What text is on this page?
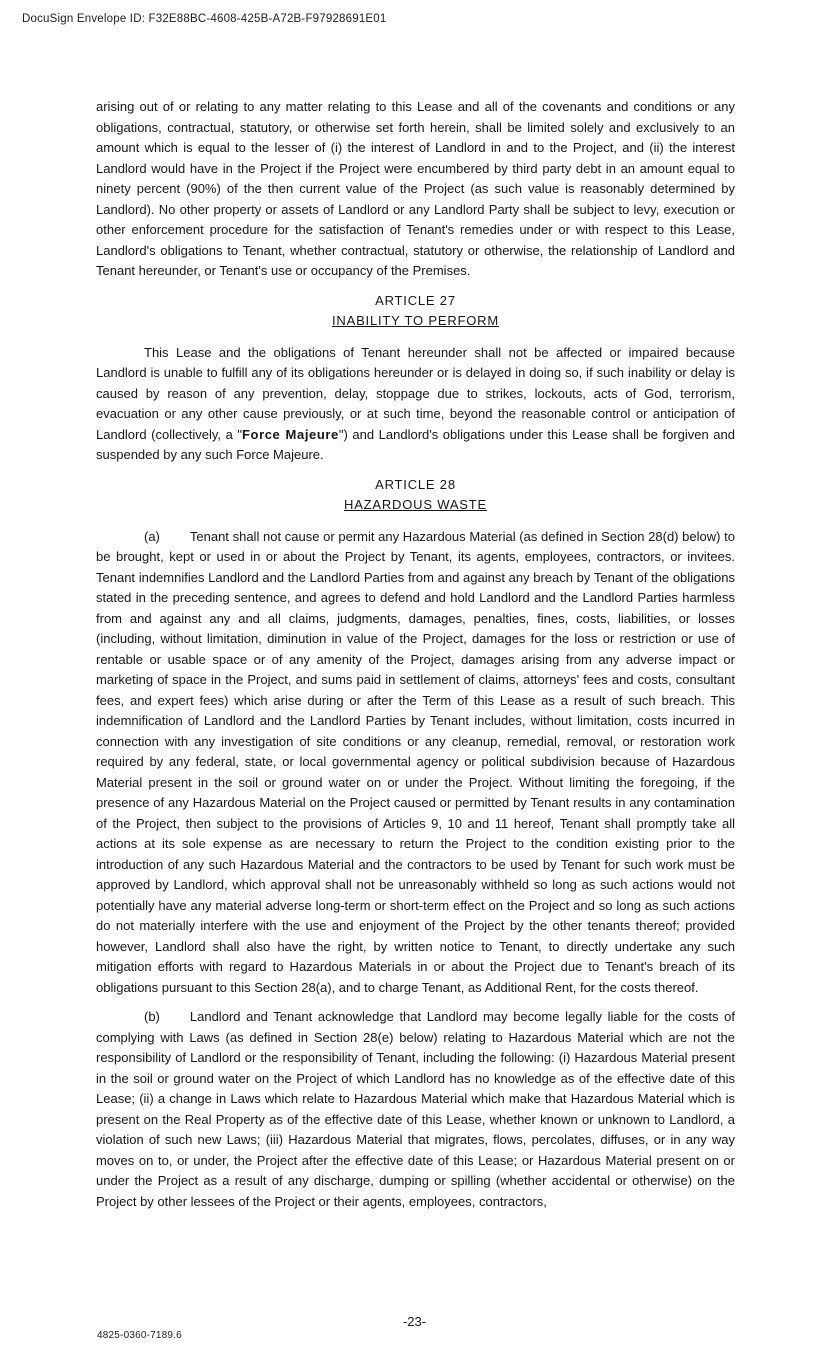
DocuSign Envelope ID: F32E88BC-4608-425B-A72B-F97928691E01

arising out of or relating to any matter relating to this Lease and all of the covenants and conditions or any obligations, contractual, statutory, or otherwise set forth herein, shall be limited solely and exclusively to an amount which is equal to the lesser of (i) the interest of Landlord in and to the Project, and (ii) the interest Landlord would have in the Project if the Project were encumbered by third party debt in an amount equal to ninety percent (90%) of the then current value of the Project (as such value is reasonably determined by Landlord). No other property or assets of Landlord or any Landlord Party shall be subject to levy, execution or other enforcement procedure for the satisfaction of Tenant's remedies under or with respect to this Lease, Landlord's obligations to Tenant, whether contractual, statutory or otherwise, the relationship of Landlord and Tenant hereunder, or Tenant's use or occupancy of the Premises.

ARTICLE 27
INABILITY TO PERFORM

This Lease and the obligations of Tenant hereunder shall not be affected or impaired because Landlord is unable to fulfill any of its obligations hereunder or is delayed in doing so, if such inability or delay is caused by reason of any prevention, delay, stoppage due to strikes, lockouts, acts of God, terrorism, evacuation or any other cause previously, or at such time, beyond the reasonable control or anticipation of Landlord (collectively, a "Force Majeure") and Landlord's obligations under this Lease shall be forgiven and suspended by any such Force Majeure.

ARTICLE 28
HAZARDOUS WASTE

(a) Tenant shall not cause or permit any Hazardous Material (as defined in Section 28(d) below) to be brought, kept or used in or about the Project by Tenant, its agents, employees, contractors, or invitees. Tenant indemnifies Landlord and the Landlord Parties from and against any breach by Tenant of the obligations stated in the preceding sentence, and agrees to defend and hold Landlord and the Landlord Parties harmless from and against any and all claims, judgments, damages, penalties, fines, costs, liabilities, or losses (including, without limitation, diminution in value of the Project, damages for the loss or restriction or use of rentable or usable space or of any amenity of the Project, damages arising from any adverse impact or marketing of space in the Project, and sums paid in settlement of claims, attorneys' fees and costs, consultant fees, and expert fees) which arise during or after the Term of this Lease as a result of such breach. This indemnification of Landlord and the Landlord Parties by Tenant includes, without limitation, costs incurred in connection with any investigation of site conditions or any cleanup, remedial, removal, or restoration work required by any federal, state, or local governmental agency or political subdivision because of Hazardous Material present in the soil or ground water on or under the Project. Without limiting the foregoing, if the presence of any Hazardous Material on the Project caused or permitted by Tenant results in any contamination of the Project, then subject to the provisions of Articles 9, 10 and 11 hereof, Tenant shall promptly take all actions at its sole expense as are necessary to return the Project to the condition existing prior to the introduction of any such Hazardous Material and the contractors to be used by Tenant for such work must be approved by Landlord, which approval shall not be unreasonably withheld so long as such actions would not potentially have any material adverse long-term or short-term effect on the Project and so long as such actions do not materially interfere with the use and enjoyment of the Project by the other tenants thereof; provided however, Landlord shall also have the right, by written notice to Tenant, to directly undertake any such mitigation efforts with regard to Hazardous Materials in or about the Project due to Tenant's breach of its obligations pursuant to this Section 28(a), and to charge Tenant, as Additional Rent, for the costs thereof.

(b) Landlord and Tenant acknowledge that Landlord may become legally liable for the costs of complying with Laws (as defined in Section 28(e) below) relating to Hazardous Material which are not the responsibility of Landlord or the responsibility of Tenant, including the following: (i) Hazardous Material present in the soil or ground water on the Project of which Landlord has no knowledge as of the effective date of this Lease; (ii) a change in Laws which relate to Hazardous Material which make that Hazardous Material which is present on the Real Property as of the effective date of this Lease, whether known or unknown to Landlord, a violation of such new Laws; (iii) Hazardous Material that migrates, flows, percolates, diffuses, or in any way moves on to, or under, the Project after the effective date of this Lease; or Hazardous Material present on or under the Project as a result of any discharge, dumping or spilling (whether accidental or otherwise) on the Project by other lessees of the Project or their agents, employees, contractors,

-23-
4825-0360-7189.6
